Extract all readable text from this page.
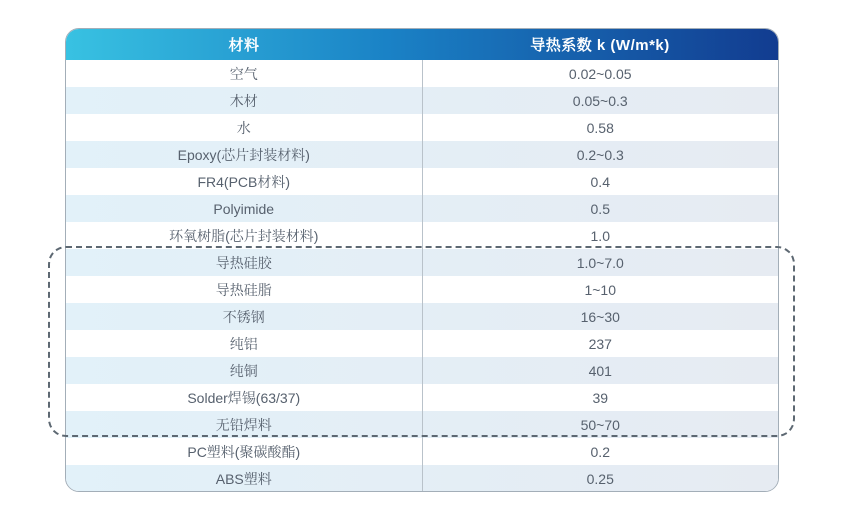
材料	导热系数 k (W/m*k)
空气	0.02~0.05
木材	0.05~0.3
水	0.58
Epoxy(芯片封装材料)	0.2~0.3
FR4(PCB材料)	0.4
Polyimide	0.5
环氧树脂(芯片封装材料)	1.0
导热硅胶	1.0~7.0
导热硅脂	1~10
不锈钢	16~30
纯铝	237
纯铜	401
Solder焊锡(63/37)	39
无铅焊料	50~70
PC塑料(聚碳酸酯)	0.2
ABS塑料	0.25
